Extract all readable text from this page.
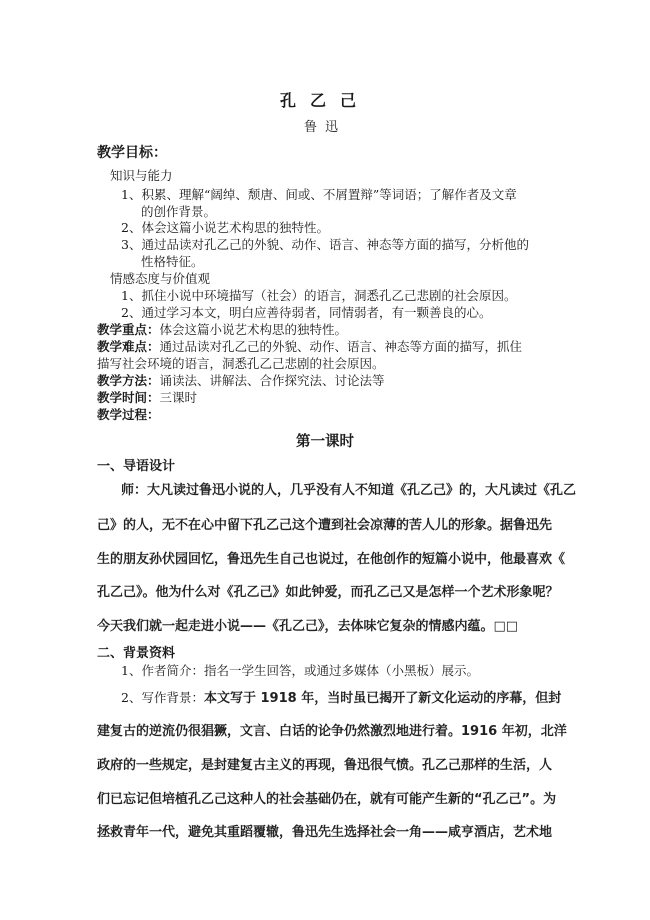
孔乙己
鲁迅
教学目标：
知识与能力
1、积累、理解“阔绰、颓唐、间或、不屑置辩”等词语；了解作者及文章
的创作背景。
2、体会这篇小说艺术构思的独特性。
3、通过品读对孔乙己的外貌、动作、语言、神态等方面的描写，分析他的
性格特征。
情感态度与价值观
1、抓住小说中环境描写（社会）的语言，洞悉孔乙己悲剧的社会原因。
2、通过学习本文，明白应善待弱者，同情弱者，有一颗善良的心。
教学重点：体会这篇小说艺术构思的独特性。
教学难点：通过品读对孔乙己的外貌、动作、语言、神态等方面的描写，抓住
描写社会环境的语言，洞悉孔乙己悲剧的社会原因。
教学方法：诵读法、讲解法、合作探究法、讨论法等
教学时间：三课时
教学过程：
第一课时
一、导语设计
师：大凡读过鲁迅小说的人，几乎没有人不知道《孔乙己》的，大凡读过《孔乙
己》的人，无不在心中留下孔乙己这个遭到社会凉薄的苦人儿的形象。据鲁迅先
生的朋友孙伏园回忆，鲁迅先生自己也说过，在他创作的短篇小说中，他最喜欢《
孔乙己》。他为什么对《孔乙己》如此钟爱，而孔乙己又是怎样一个艺术形象呢？
今天我们就一起走进小说——《孔乙己》，去体味它复杂的情感内蕴。□□
二、背景资料
1、作者简介：指名一学生回答，或通过多媒体（小黑板）展示。
2、写作背景：本文写于 1918 年，当时虽已揭开了新文化运动的序幕，但封
建复古的逆流仍很猖獗，文言、白话的论争仍然激烈地进行着。1916 年初，北洋
政府的一些规定，是封建复古主义的再现，鲁迅很气愤。孔乙己那样的生活，人
们已忘记但培植孔乙己这种人的社会基础仍在，就有可能产生新的“孔乙己”。为
拯救青年一代，避免其重蹈覆辙，鲁迅先生选择社会一角——咸亨酒店，艺术地
